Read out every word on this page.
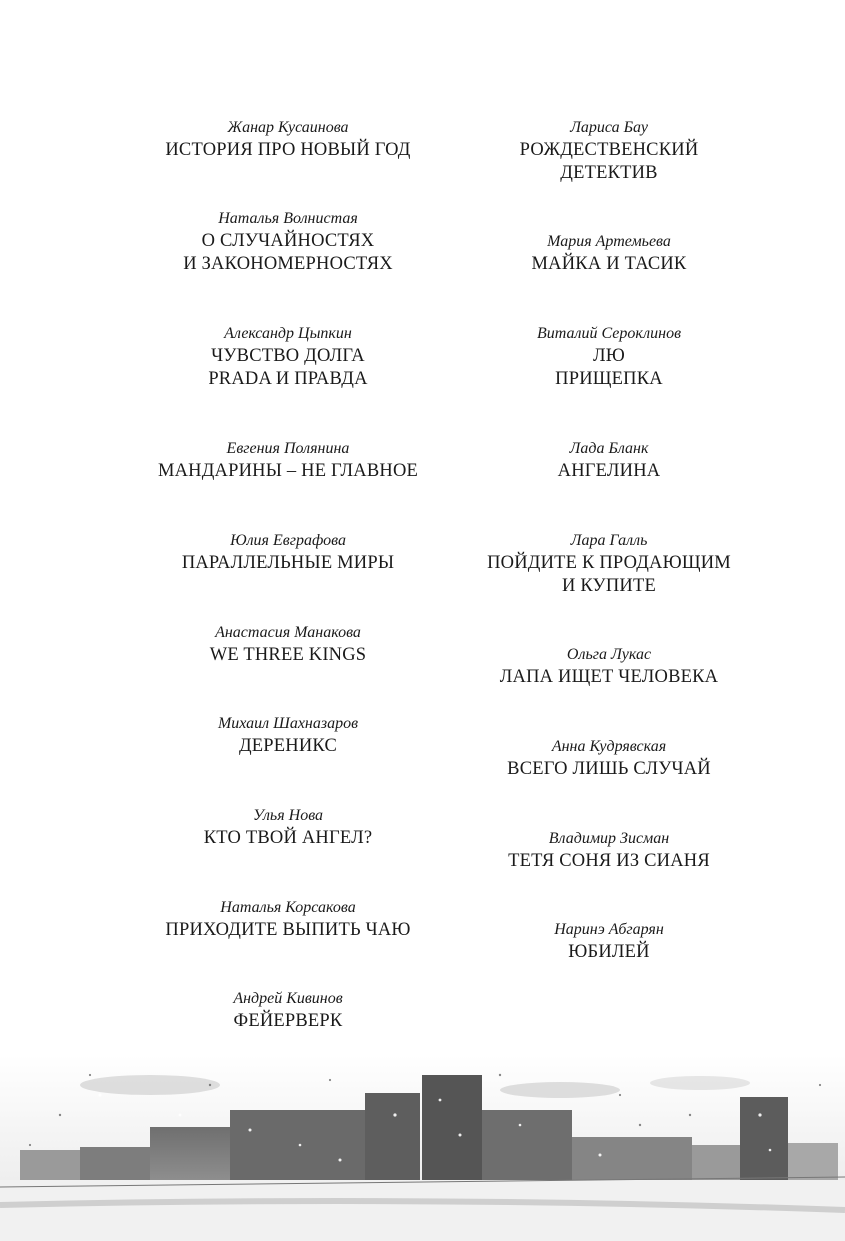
Жанар Кусаинова
ИСТОРИЯ ПРО НОВЫЙ ГОД
Наталья Волнистая
О СЛУЧАЙНОСТЯХ
И ЗАКОНОМЕРНОСТЯХ
Александр Цыпкин
ЧУВСТВО ДОЛГА
PRADA И ПРАВДА
Евгения Полянина
МАНДАРИНЫ – НЕ ГЛАВНОЕ
Юлия Евграфова
ПАРАЛЛЕЛЬНЫЕ МИРЫ
Анастасия Манакова
WE THREE KINGS
Михаил Шахназаров
ДЕРЕНИКС
Улья Нова
КТО ТВОЙ АНГЕЛ?
Наталья Корсакова
ПРИХОДИТЕ ВЫПИТЬ ЧАЮ
Андрей Кивинов
ФЕЙЕРВЕРК
Лариса Бау
РОЖДЕСТВЕНСКИЙ
ДЕТЕКТИВ
Мария Артемьева
МАЙКА И ТАСИК
Виталий Сероклинов
ЛЮ
ПРИЩЕПКА
Лада Бланк
АНГЕЛИНА
Лара Галль
ПОЙДИТЕ К ПРОДАЮЩИМ
И КУПИТЕ
Ольга Лукас
ЛАПА ИЩЕТ ЧЕЛОВЕКА
Анна Кудрявская
ВСЕГО ЛИШЬ СЛУЧАЙ
Владимир Зисман
ТЕТЯ СОНЯ ИЗ СИАНЯ
Наринэ Абгарян
ЮБИЛЕЙ
